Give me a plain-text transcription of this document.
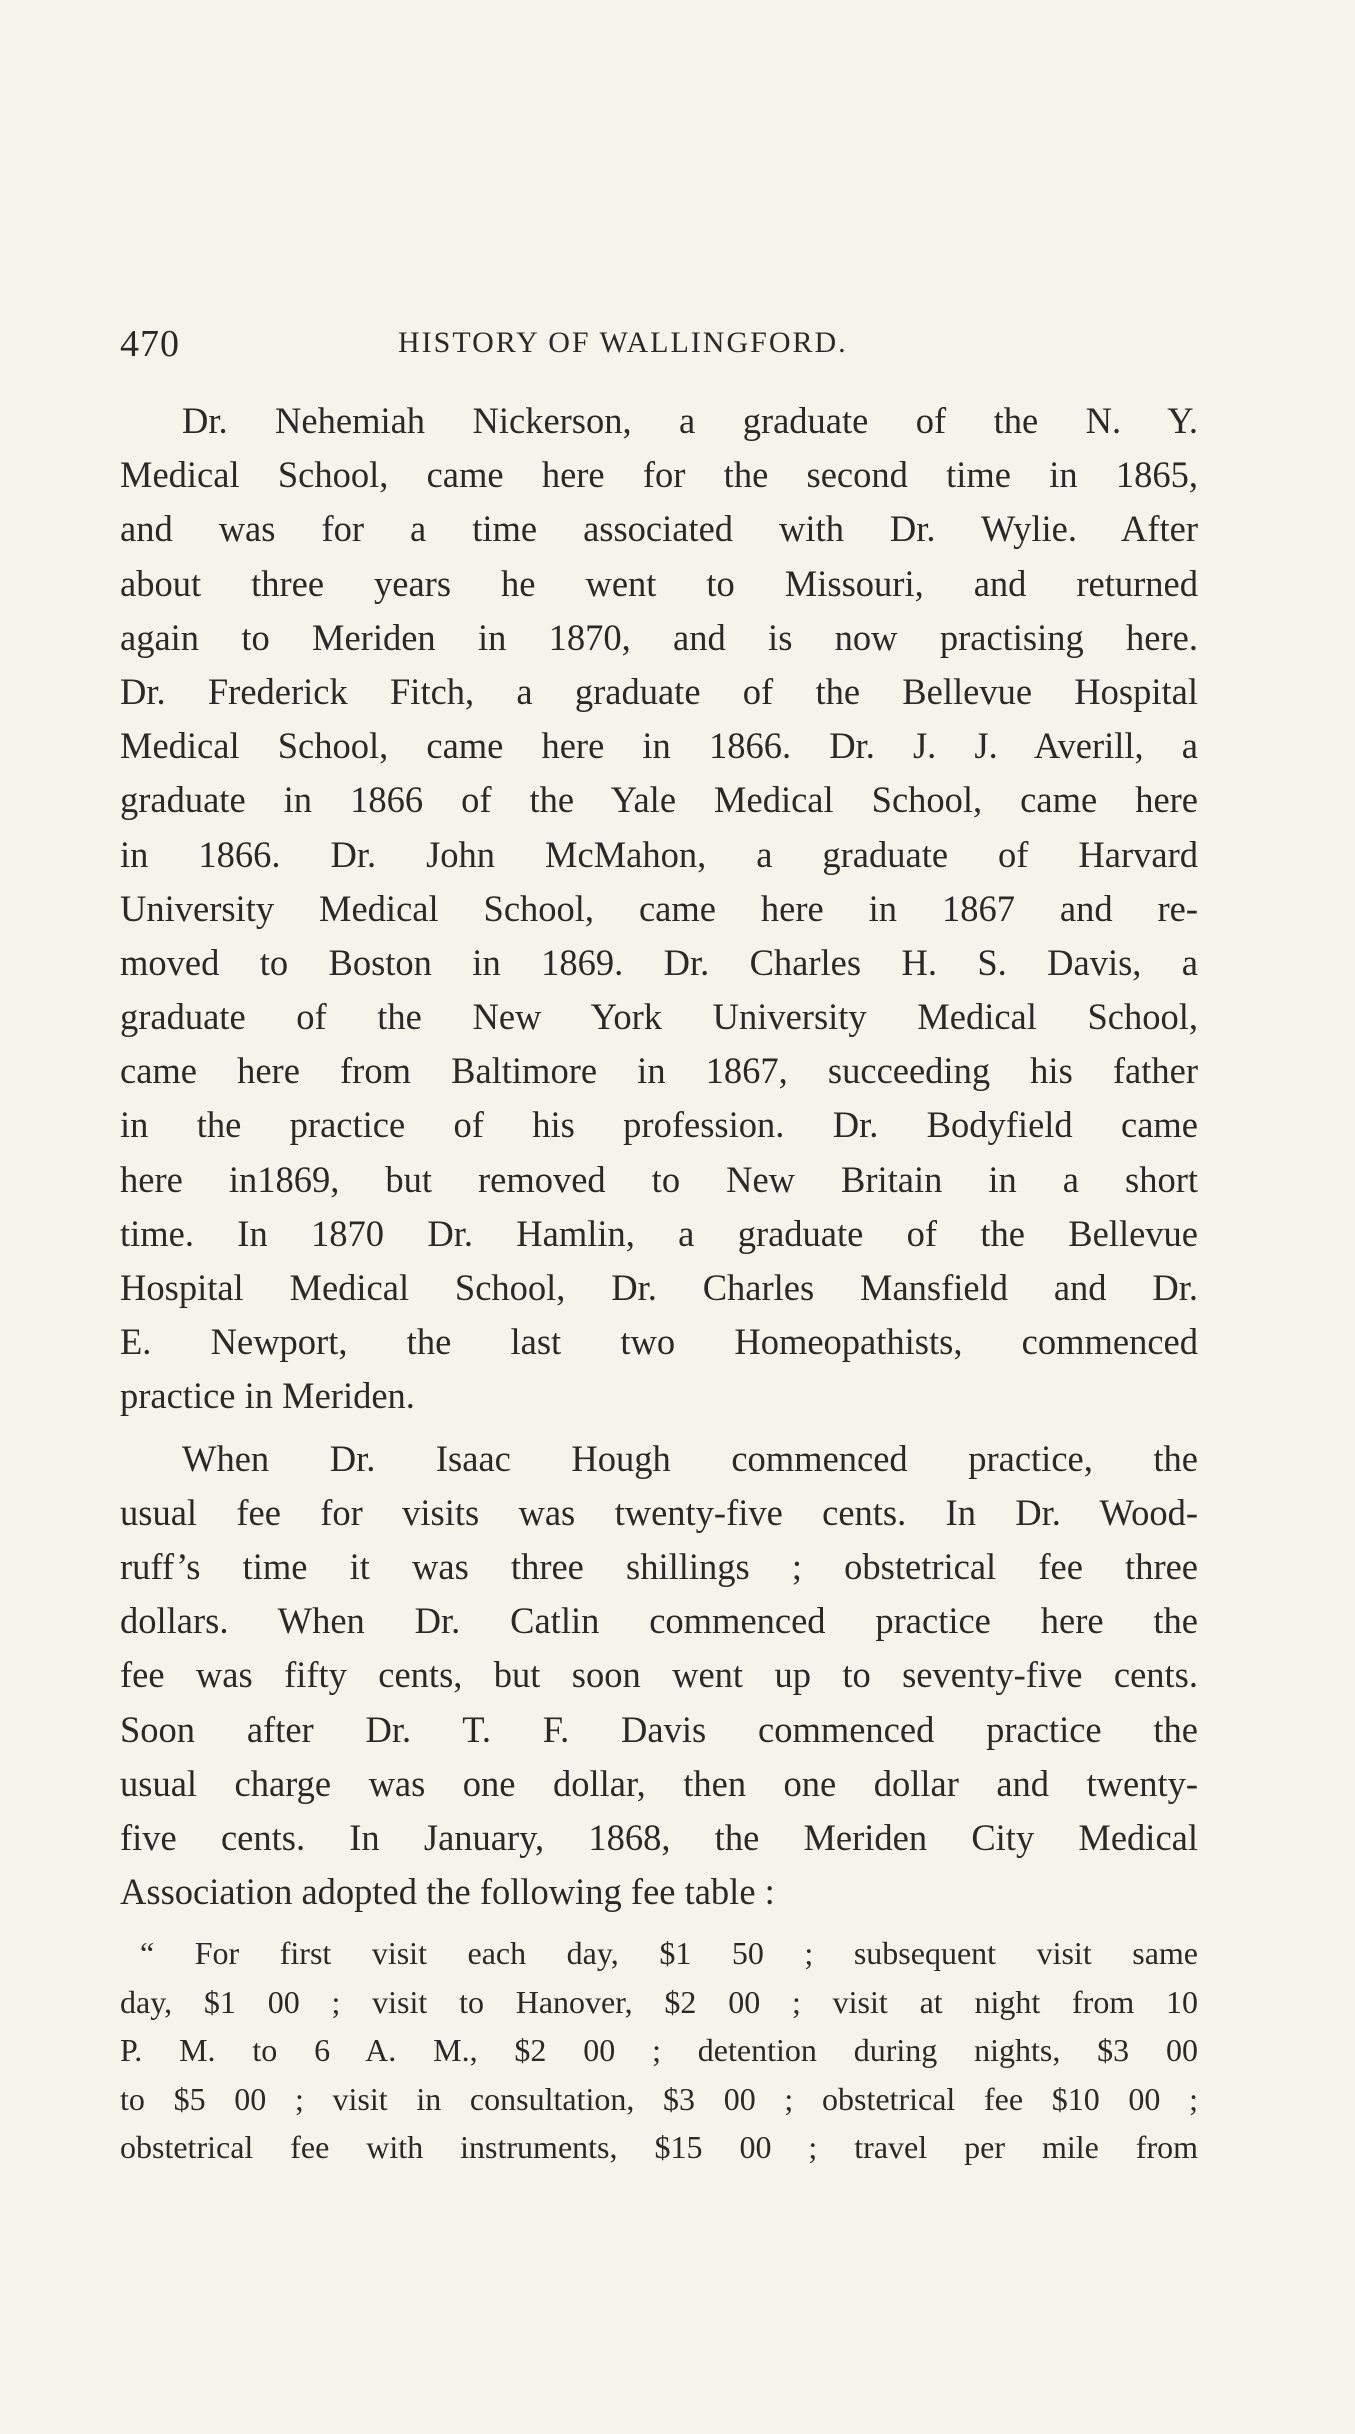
470	HISTORY OF WALLINGFORD.
Dr. Nehemiah Nickerson, a graduate of the N. Y.
Medical School, came here for the second time in 1865,
and was for a time associated with Dr. Wylie. After
about three years he went to Missouri, and returned
again to Meriden in 1870, and is now practising here.
Dr. Frederick Fitch, a graduate of the Bellevue Hospital
Medical School, came here in 1866. Dr. J. J. Averill, a
graduate in 1866 of the Yale Medical School, came here
in 1866. Dr. John McMahon, a graduate of Harvard
University Medical School, came here in 1867 and re-
moved to Boston in 1869. Dr. Charles H. S. Davis, a
graduate of the New York University Medical School,
came here from Baltimore in 1867, succeeding his father
in the practice of his profession. Dr. Bodyfield came
here in1869, but removed to New Britain in a short
time. In 1870 Dr. Hamlin, a graduate of the Bellevue
Hospital Medical School, Dr. Charles Mansfield and Dr.
E. Newport, the last two Homeopathists, commenced
practice in Meriden.
When Dr. Isaac Hough commenced practice, the
usual fee for visits was twenty-five cents. In Dr. Wood-
ruff’s time it was three shillings ; obstetrical fee three
dollars. When Dr. Catlin commenced practice here the
fee was fifty cents, but soon went up to seventy-five cents.
Soon after Dr. T. F. Davis commenced practice the
usual charge was one dollar, then one dollar and twenty-
five cents. In January, 1868, the Meriden City Medical
Association adopted the following fee table :
“ For first visit each day, $1 50 ; subsequent visit same
day, $1 00 ; visit to Hanover, $2 00 ; visit at night from 10
P. M. to 6 A. M., $2 00 ; detention during nights, $3 00
to $5 00 ; visit in consultation, $3 00 ; obstetrical fee $10 00 ;
obstetrical fee with instruments, $15 00 ; travel per mile from
